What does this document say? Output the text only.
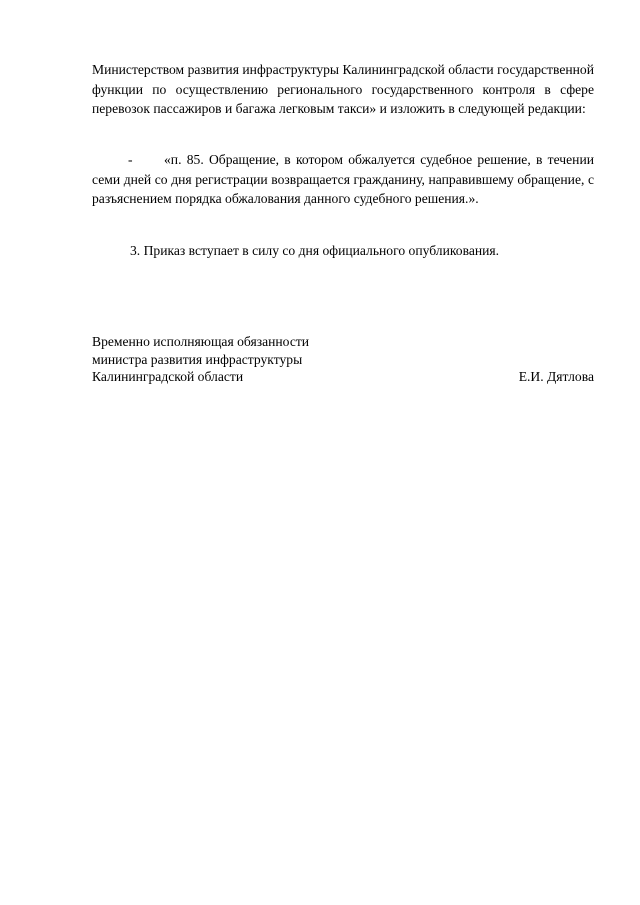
Министерством развития инфраструктуры Калининградской области государственной функции по осуществлению регионального государственного контроля в сфере перевозок пассажиров и багажа легковым такси» и изложить в следующей редакции:

- «п. 85. Обращение, в котором обжалуется судебное решение, в течении семи дней со дня регистрации возвращается гражданину, направившему обращение, с разъяснением порядка обжалования данного судебного решения.».

3. Приказ вступает в силу со дня официального опубликования.

Временно исполняющая обязанности
министра развития инфраструктуры
Калининградской области	Е.И. Дятлова
